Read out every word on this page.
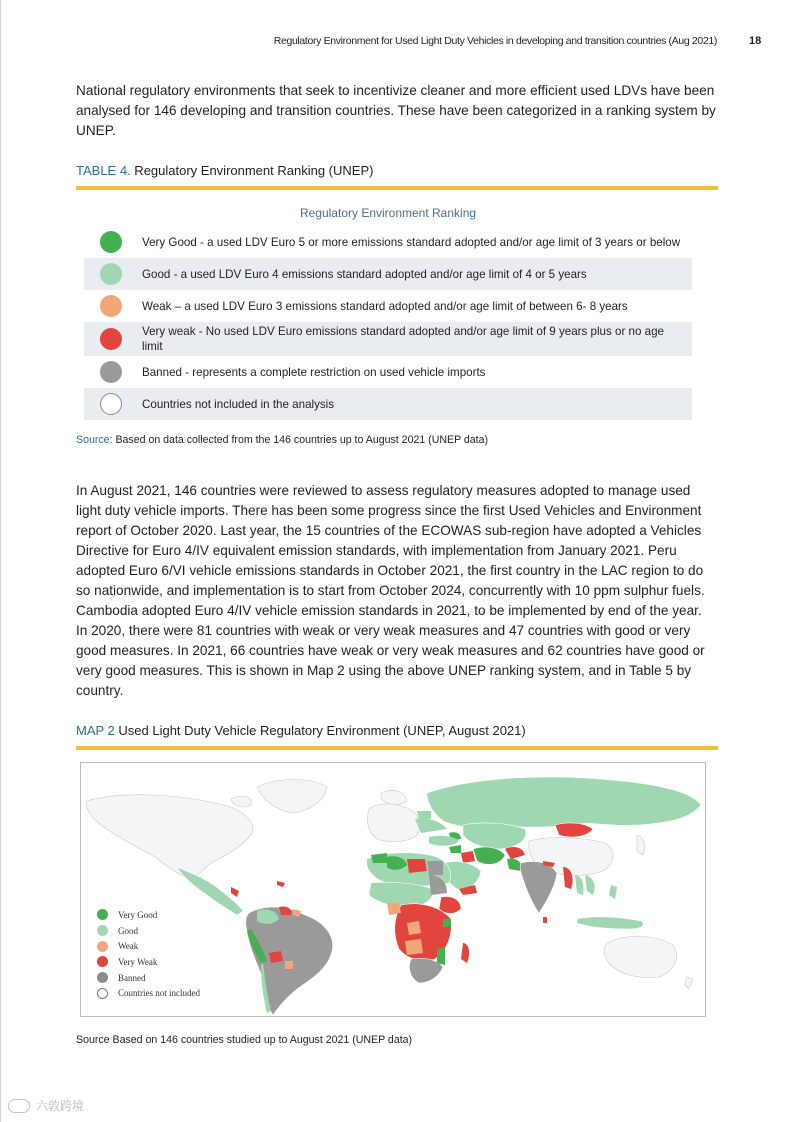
Regulatory Environment for Used Light Duty Vehicles in developing and transition countries (Aug 2021)	18

National regulatory environments that seek to incentivize cleaner and more efficient used LDVs have been analysed for 146 developing and transition countries. These have been categorized in a ranking system by UNEP.

TABLE 4. Regulatory Environment Ranking (UNEP)
Regulatory Environment Ranking
Very Good - a used LDV Euro 5 or more emissions standard adopted and/or age limit of 3 years or below
Good - a used LDV Euro 4 emissions standard adopted and/or age limit of 4 or 5 years
Weak – a used LDV Euro 3 emissions standard adopted and/or age limit of between 6- 8 years
Very weak - No used LDV Euro emissions standard adopted and/or age limit of 9 years plus or no age limit
Banned - represents a complete restriction on used vehicle imports
Countries not included in the analysis
Source: Based on data collected from the 146 countries up to August 2021 (UNEP data)

In August 2021, 146 countries were reviewed to assess regulatory measures adopted to manage used light duty vehicle imports. There has been some progress since the first Used Vehicles and Environment report of October 2020. Last year, the 15 countries of the ECOWAS sub-region have adopted a Vehicles Directive for Euro 4/IV equivalent emission standards, with implementation from January 2021. Peru adopted Euro 6/VI vehicle emissions standards in October 2021, the first country in the LAC region to do so nationwide, and implementation is to start from October 2024, concurrently with 10 ppm sulphur fuels. Cambodia adopted Euro 4/IV vehicle emission standards in 2021, to be implemented by end of the year. In 2020, there were 81 countries with weak or very weak measures and 47 countries with good or very good measures. In 2021, 66 countries have weak or very weak measures and 62 countries have good or very good measures. This is shown in Map 2 using the above UNEP ranking system, and in Table 5 by country.

MAP 2 Used Light Duty Vehicle Regulatory Environment (UNEP, August 2021)
Very Good
Good
Weak
Very Weak
Banned
Countries not included
Source Based on 146 countries studied up to August 2021 (UNEP data)
六敦跨境
